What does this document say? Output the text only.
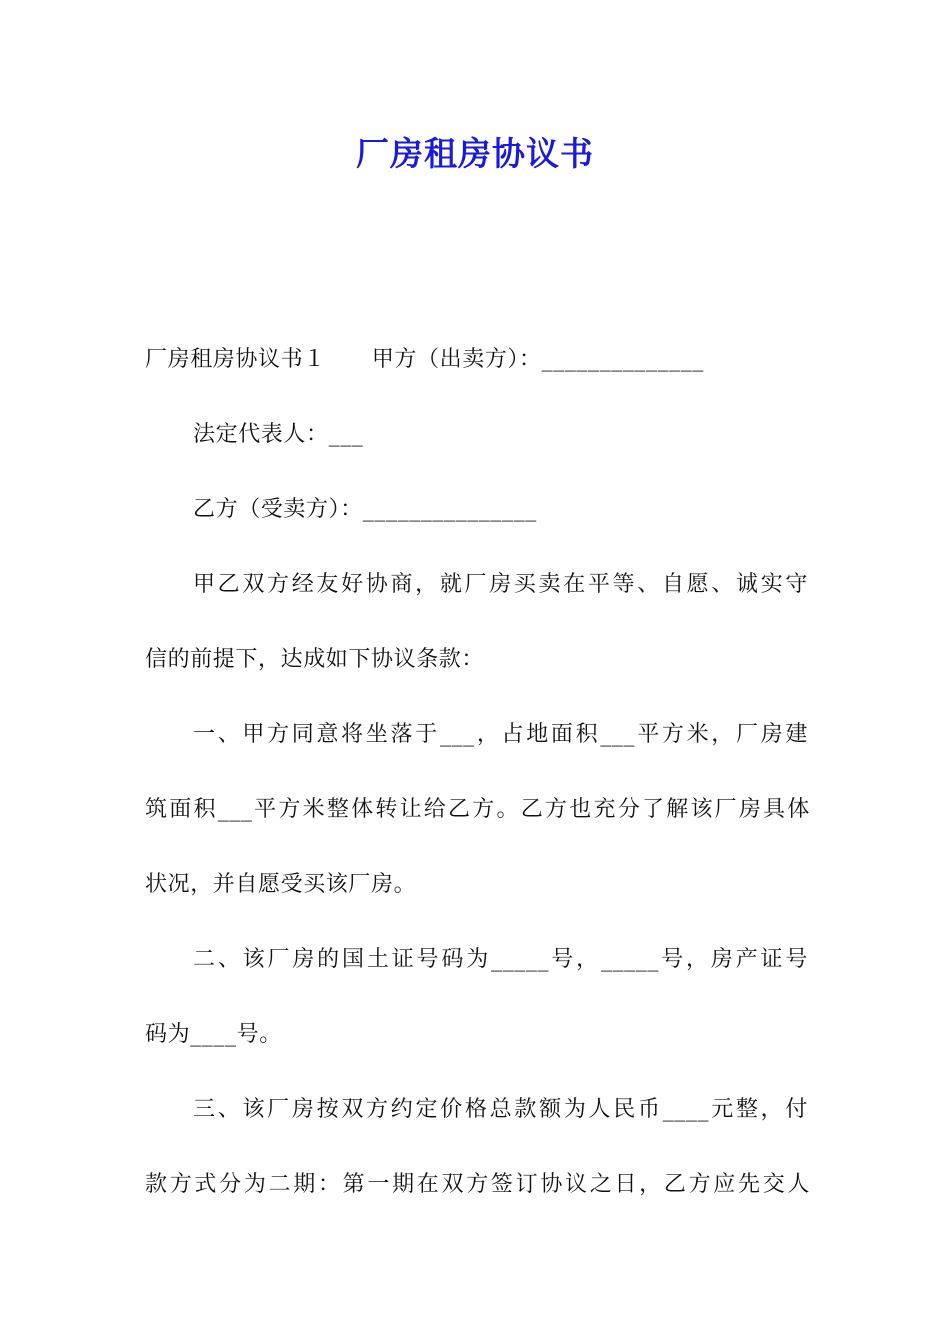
厂房租房协议书

厂房租房协议书１ 甲方（出卖方）：______________

法定代表人：___

乙方（受卖方）：_______________

甲乙双方经友好协商，就厂房买卖在平等、自愿、诚实守

信的前提下，达成如下协议条款：

一、甲方同意将坐落于___，占地面积___平方米，厂房建

筑面积___平方米整体转让给乙方。乙方也充分了解该厂房具体

状况，并自愿受买该厂房。

二、该厂房的国土证号码为_____号，_____号，房产证号

码为____号。

三、该厂房按双方约定价格总款额为人民币____元整，付

款方式分为二期：第一期在双方签订协议之日，乙方应先交人
